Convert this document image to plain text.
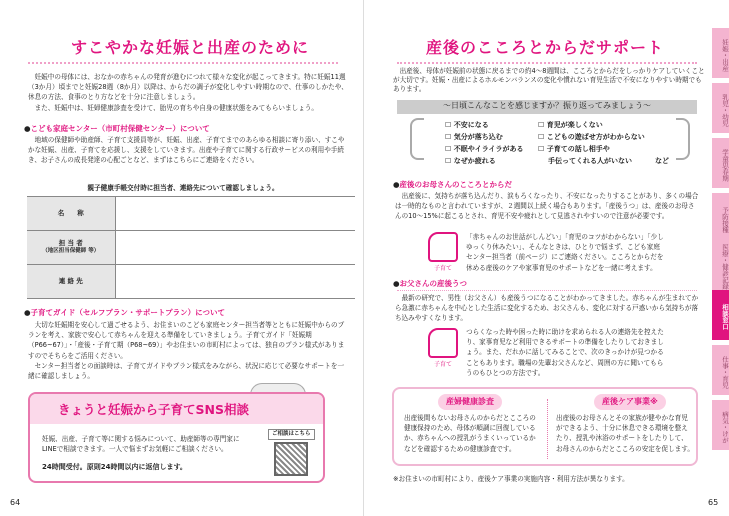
すこやかな妊娠と出産のために
妊娠中の母体には、おなかの赤ちゃんの発育が進むにつれて様々な変化が起こってきます。特に妊娠11週（3か月）頃までと妊娠28週（8か月）以降は、からだの調子が変化しやすい時期なので、仕事のしかたや、休息の方法、食事のとり方などを十分に注意しましょう。
また、妊娠中は、妊婦健康診査を受けて、胎児の育ちや自身の健康状態をみてもらいましょう。
● こども家庭センター（市町村保健センター）について
地域の保健師や助産師、子育て支援員等が、妊娠、出産、子育てまでのあらゆる相談に寄り添い、すこやかな妊娠、出産、子育てを応援し、支援をしていきます。出産や子育てに関する行政サービスの利用や手続き、お子さんの成長発達の心配ごとなど、まずはこちらにご連絡をください。
親子健康手帳交付時に担当者、連絡先について確認しましょう。
名　　称	

担 当 者
（地区担当保健師 等）	

連 絡 先	
● 子育てガイド（セルフプラン・サポートプラン）について
大切な妊娠期を安心して過ごせるよう、お住まいのこども家庭センター担当者等とともに妊娠中からのプランを考え、家族で安心して赤ちゃんを迎える準備をしていきましょう。子育てガイド「妊娠期（P66~67）」・「産後・子育て期（P68~69）」やお住まいの市町村によっては、独自のプラン様式がありますのでそちらをご活用ください。
センター担当者との面談時は、子育てガイドやプラン様式をみながら、状況に応じて必要なサポートを一緒に確認しましょう。
きょうと妊娠から子育てSNS相談
妊娠、出産、子育て等に関する悩みについて、助産師等の専門家にLINEで相談できます。一人で悩まずお気軽にご相談ください。
24時間受付。原則24時間以内に返信します。
ご相談はこちら
64
産後のこころとからだサポート
出産後、母体が妊娠前の状態に戻るまでの約4～8週間は、こころとからだをしっかりケアしていくことが大切です。妊娠・出産によるホルモンバランスの変化や慣れない育児生活で不安になりやすい時期でもあります。
～日頃こんなことを感じますか？振り返ってみましょう～
☐ 不安になる
☐ 気分が落ち込む
☐ 不眠やイライラがある
☐ なぜか疲れる
☐ 育児が楽しくない
☐ こどもの遊ばせ方がわからない
☐ 子育ての話し相手や
手伝ってくれる人がいない	など
● 産後のお母さんのこころとからだ
出産後に、気持ちが落ち込んだり、涙もろくなったり、不安になったりすることがあり、多くの場合は一時的なものと言われていますが、２週間以上続く場合もあります。「産後うつ」は、産後のお母さんの10～15%に起こるとされ、育児不安や疲れとして見逃されやすいので注意が必要です。
子育て
「赤ちゃんのお世話がしんどい」「育児のコツがわからない」「少しゆっくり休みたい」、そんなときは、ひとりで悩まず、こども家庭センター担当者（前ページ）にご連絡ください。こころとからだを休める産後のケアや家事育児のサポートなどを一緒に考えます。
● お父さんの産後うつ
最新の研究で、男性（お父さん）も産後うつになることがわかってきました。赤ちゃんが生まれてから急激に赤ちゃんを中心とした生活に変化するため、お父さんも、変化に対する戸惑いから気持ちが落ち込みやすくなります。
子育て
つらくなった時や困った時に助けを求められる人の連絡先を控えたり、家事育児など利用できるサポートの準備をしたりしておきましょう。また、だれかに話してみることで、次のきっかけが見つかることもあります。職場の先輩お父さんなど、周囲の方に聞いてもらうのもひとつの方法です。
産婦健康診査
出産後間もないお母さんのからだとこころの健康保持のため、母体が順調に回復しているか、赤ちゃんへの授乳がうまくいっているかなどを確認するための健康診査です。
産後ケア事業※
出産後のお母さんとその家族が健やかな育児ができるよう、十分に休息できる環境を整えたり、授乳や沐浴のサポートをしたりして、お母さんのからだとこころの安定を促します。
※お住まいの市町村により、産後ケア事業の実施内容・利用方法が異なります。
65
妊娠・出産
乳児・幼児
学童思春期
予防接種
医療・健診記録
相談窓口
仕事・育児
病気・けが
